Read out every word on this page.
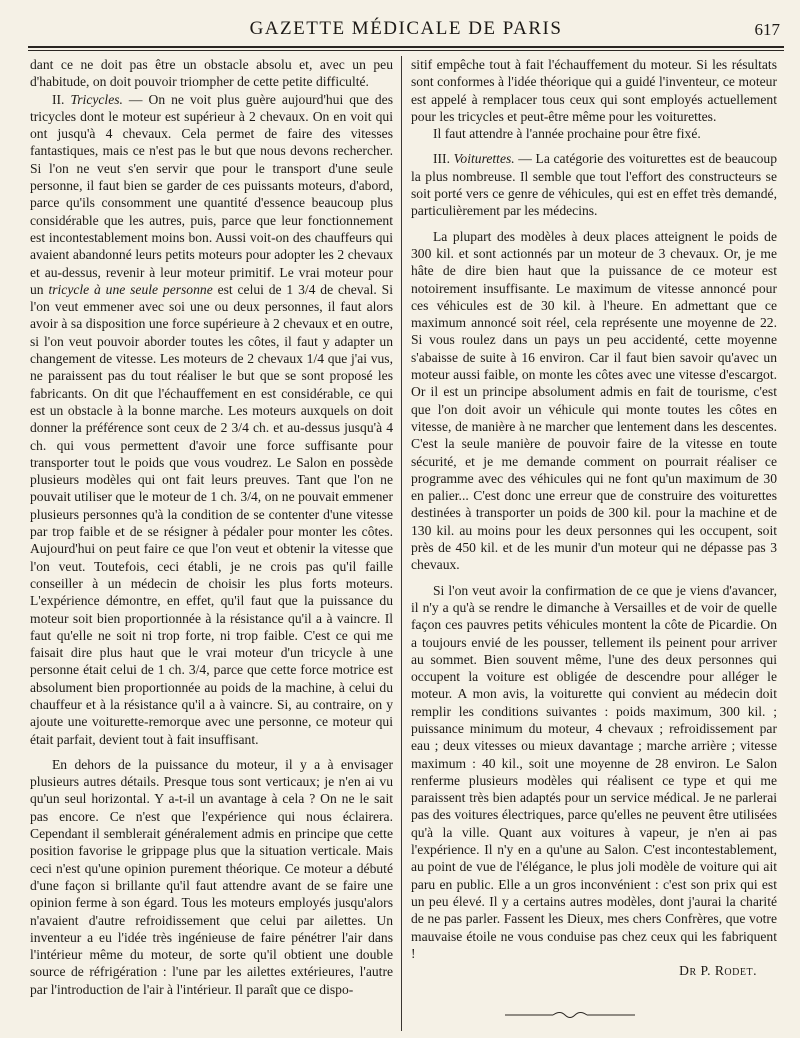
GAZETTE MÉDICALE DE PARIS	617

dant ce ne doit pas être un obstacle absolu et, avec un peu d'habitude, on doit pouvoir triompher de cette petite difficulté.

II. Tricycles. — On ne voit plus guère aujourd'hui que des tricycles dont le moteur est supérieur à 2 chevaux. On en voit qui ont jusqu'à 4 chevaux. Cela permet de faire des vitesses fantastiques, mais ce n'est pas le but que nous devons rechercher. Si l'on ne veut s'en servir que pour le transport d'une seule personne, il faut bien se garder de ces puissants moteurs, d'abord, parce qu'ils consomment une quantité d'essence beaucoup plus considérable que les autres, puis, parce que leur fonctionnement est incontestablement moins bon. Aussi voit-on des chauffeurs qui avaient abandonné leurs petits moteurs pour adopter les 2 chevaux et au-dessus, revenir à leur moteur primitif. Le vrai moteur pour un tricycle à une seule personne est celui de 1 3/4 de cheval. Si l'on veut emmener avec soi une ou deux personnes, il faut alors avoir à sa disposition une force supérieure à 2 chevaux et en outre, si l'on veut pouvoir aborder toutes les côtes, il faut y adapter un changement de vitesse. Les moteurs de 2 chevaux 1/4 que j'ai vus, ne paraissent pas du tout réaliser le but que se sont proposé les fabricants. On dit que l'échauffement en est considérable, ce qui est un obstacle à la bonne marche. Les moteurs auxquels on doit donner la préférence sont ceux de 2 3/4 ch. et au-dessus jusqu'à 4 ch. qui vous permettent d'avoir une force suffisante pour transporter tout le poids que vous voudrez. Le Salon en possède plusieurs modèles qui ont fait leurs preuves. Tant que l'on ne pouvait utiliser que le moteur de 1 ch. 3/4, on ne pouvait emmener plusieurs personnes qu'à la condition de se contenter d'une vitesse par trop faible et de se résigner à pédaler pour monter les côtes. Aujourd'hui on peut faire ce que l'on veut et obtenir la vitesse que l'on veut. Toutefois, ceci établi, je ne crois pas qu'il faille conseiller à un médecin de choisir les plus forts moteurs. L'expérience démontre, en effet, qu'il faut que la puissance du moteur soit bien proportionnée à la résistance qu'il a à vaincre. Il faut qu'elle ne soit ni trop forte, ni trop faible. C'est ce qui me faisait dire plus haut que le vrai moteur d'un tricycle à une personne était celui de 1 ch. 3/4, parce que cette force motrice est absolument bien proportionnée au poids de la machine, à celui du chauffeur et à la résistance qu'il a à vaincre. Si, au contraire, on y ajoute une voiturette-remorque avec une personne, ce moteur qui était parfait, devient tout à fait insuffisant.

En dehors de la puissance du moteur, il y a à envisager plusieurs autres détails. Presque tous sont verticaux; je n'en ai vu qu'un seul horizontal. Y a-t-il un avantage à cela ? On ne le sait pas encore. Ce n'est que l'expérience qui nous éclairera. Cependant il semblerait généralement admis en principe que cette position favorise le grippage plus que la situation verticale. Mais ceci n'est qu'une opinion purement théorique. Ce moteur a débuté d'une façon si brillante qu'il faut attendre avant de se faire une opinion ferme à son égard. Tous les moteurs employés jusqu'alors n'avaient d'autre refroidissement que celui par ailettes. Un inventeur a eu l'idée très ingénieuse de faire pénétrer l'air dans l'intérieur même du moteur, de sorte qu'il obtient une double source de réfrigération : l'une par les ailettes extérieures, l'autre par l'introduction de l'air à l'intérieur. Il paraît que ce dispo-

sitif empêche tout à fait l'échauffement du moteur. Si les résultats sont conformes à l'idée théorique qui a guidé l'inventeur, ce moteur est appelé à remplacer tous ceux qui sont employés actuellement pour les tricycles et peut-être même pour les voiturettes.

Il faut attendre à l'année prochaine pour être fixé.

III. Voiturettes. — La catégorie des voiturettes est de beaucoup la plus nombreuse. Il semble que tout l'effort des constructeurs se soit porté vers ce genre de véhicules, qui est en effet très demandé, particulièrement par les médecins.

La plupart des modèles à deux places atteignent le poids de 300 kil. et sont actionnés par un moteur de 3 chevaux. Or, je me hâte de dire bien haut que la puissance de ce moteur est notoirement insuffisante. Le maximum de vitesse annoncé pour ces véhicules est de 30 kil. à l'heure. En admettant que ce maximum annoncé soit réel, cela représente une moyenne de 22. Si vous roulez dans un pays un peu accidenté, cette moyenne s'abaisse de suite à 16 environ. Car il faut bien savoir qu'avec un moteur aussi faible, on monte les côtes avec une vitesse d'escargot. Or il est un principe absolument admis en fait de tourisme, c'est que l'on doit avoir un véhicule qui monte toutes les côtes en vitesse, de manière à ne marcher que lentement dans les descentes. C'est la seule manière de pouvoir faire de la vitesse en toute sécurité, et je me demande comment on pourrait réaliser ce programme avec des véhicules qui ne font qu'un maximum de 30 en palier... C'est donc une erreur que de construire des voiturettes destinées à transporter un poids de 300 kil. pour la machine et de 130 kil. au moins pour les deux personnes qui les occupent, soit près de 450 kil. et de les munir d'un moteur qui ne dépasse pas 3 chevaux.

Si l'on veut avoir la confirmation de ce que je viens d'avancer, il n'y a qu'à se rendre le dimanche à Versailles et de voir de quelle façon ces pauvres petits véhicules montent la côte de Picardie. On a toujours envié de les pousser, tellement ils peinent pour arriver au sommet. Bien souvent même, l'une des deux personnes qui occupent la voiture est obligée de descendre pour alléger le moteur. A mon avis, la voiturette qui convient au médecin doit remplir les conditions suivantes : poids maximum, 300 kil. ; puissance minimum du moteur, 4 chevaux ; refroidissement par eau ; deux vitesses ou mieux davantage ; marche arrière ; vitesse maximum : 40 kil., soit une moyenne de 28 environ. Le Salon renferme plusieurs modèles qui réalisent ce type et qui me paraissent très bien adaptés pour un service médical. Je ne parlerai pas des voitures électriques, parce qu'elles ne peuvent être utilisées qu'à la ville. Quant aux voitures à vapeur, je n'en ai pas l'expérience. Il n'y en a qu'une au Salon. C'est incontestablement, au point de vue de l'élégance, le plus joli modèle de voiture qui ait paru en public. Elle a un gros inconvénient : c'est son prix qui est un peu élevé. Il y a certains autres modèles, dont j'aurai la charité de ne pas parler. Fassent les Dieux, mes chers Confrères, que votre mauvaise étoile ne vous conduise pas chez ceux qui les fabriquent !

Dr P. Rodet.
